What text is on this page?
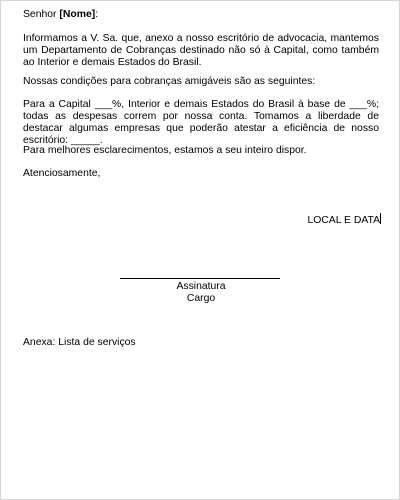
Senhor [Nome]:

Informamos a V. Sa. que, anexo a nosso escritório de advocacia, mantemos um Departamento de Cobranças destinado não só à Capital, como também ao Interior e demais Estados do Brasil.

Nossas condições para cobranças amigáveis são as seguintes:

Para a Capital ___%, Interior e demais Estados do Brasil à base de ___%; todas as despesas correm por nossa conta. Tomamos a liberdade de destacar algumas empresas que poderão atestar a eficiência de nosso escritório: _____.

Para melhores esclarecimentos, estamos a seu inteiro dispor.

Atenciosamente,

LOCAL E DATA

Assinatura

Cargo

Anexa: Lista de serviços
